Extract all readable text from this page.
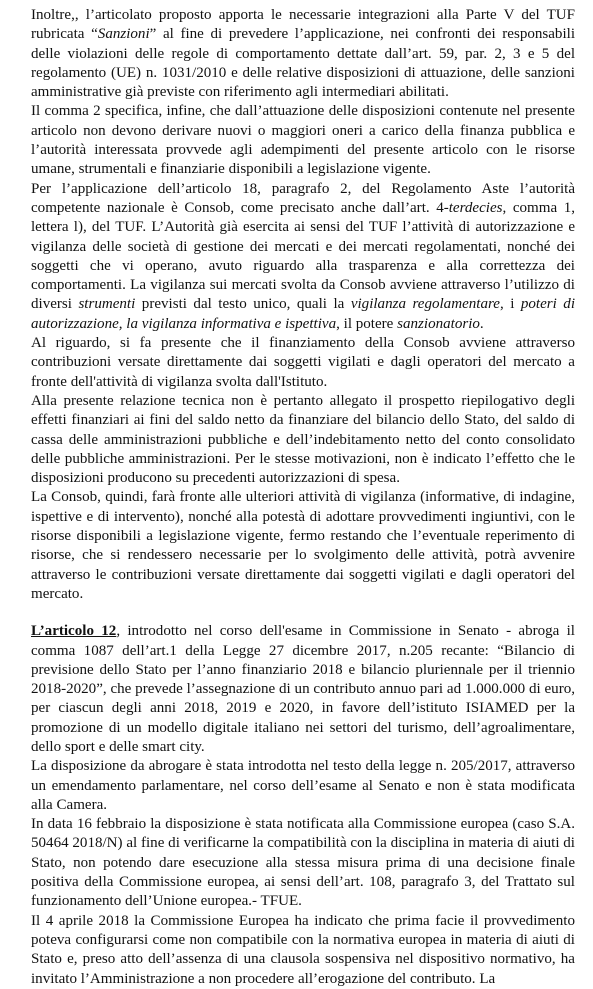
Inoltre,, l’articolato proposto apporta le necessarie integrazioni alla Parte V del TUF rubricata “Sanzioni” al fine di prevedere l’applicazione, nei confronti dei responsabili delle violazioni delle regole di comportamento dettate dall’art. 59, par. 2, 3 e 5 del regolamento (UE) n. 1031/2010 e delle relative disposizioni di attuazione, delle sanzioni amministrative già previste con riferimento agli intermediari abilitati.

Il comma 2 specifica, infine, che dall’attuazione delle disposizioni contenute nel presente articolo non devono derivare nuovi o maggiori oneri a carico della finanza pubblica e l’autorità interessata provvede agli adempimenti del presente articolo con le risorse umane, strumentali e finanziarie disponibili a legislazione vigente.

Per l’applicazione dell’articolo 18, paragrafo 2, del Regolamento Aste l’autorità competente nazionale è Consob, come precisato anche dall’art. 4-terdecies, comma 1, lettera l), del TUF. L’Autorità già esercita ai sensi del TUF l’attività di autorizzazione e vigilanza delle società di gestione dei mercati e dei mercati regolamentati, nonché dei soggetti che vi operano, avuto riguardo alla trasparenza e alla correttezza dei comportamenti. La vigilanza sui mercati svolta da Consob avviene attraverso l’utilizzo di diversi strumenti previsti dal testo unico, quali la vigilanza regolamentare, i poteri di autorizzazione, la vigilanza informativa e ispettiva, il potere sanzionatorio.

Al riguardo, si fa presente che il finanziamento della Consob avviene attraverso contribuzioni versate direttamente dai soggetti vigilati e dagli operatori del mercato a fronte dell'attività di vigilanza svolta dall'Istituto.

Alla presente relazione tecnica non è pertanto allegato il prospetto riepilogativo degli effetti finanziari ai fini del saldo netto da finanziare del bilancio dello Stato, del saldo di cassa delle amministrazioni pubbliche e dell’indebitamento netto del conto consolidato delle pubbliche amministrazioni. Per le stesse motivazioni, non è indicato l’effetto che le disposizioni producono su precedenti autorizzazioni di spesa.

La Consob, quindi, farà fronte alle ulteriori attività di vigilanza (informative, di indagine, ispettive e di intervento), nonché alla potestà di adottare provvedimenti ingiuntivi, con le risorse disponibili a legislazione vigente, fermo restando che l’eventuale reperimento di risorse, che si rendessero necessarie per lo svolgimento delle attività, potrà avvenire attraverso le contribuzioni versate direttamente dai soggetti vigilati e dagli operatori del mercato.

L’articolo 12, introdotto nel corso dell'esame in Commissione in Senato - abroga il comma 1087 dell’art.1 della Legge 27 dicembre 2017, n.205 recante: “Bilancio di previsione dello Stato per l’anno finanziario 2018 e bilancio pluriennale per il triennio 2018-2020”, che prevede l’assegnazione di un contributo annuo pari ad 1.000.000 di euro, per ciascun degli anni 2018, 2019 e 2020, in favore dell’istituto ISIAMED per la promozione di un modello digitale italiano nei settori del turismo, dell’agroalimentare, dello sport e delle smart city.

La disposizione da abrogare è stata introdotta nel testo della legge n. 205/2017, attraverso un emendamento parlamentare, nel corso dell’esame al Senato e non è stata modificata alla Camera.

In data 16 febbraio la disposizione è stata notificata alla Commissione europea (caso S.A. 50464 2018/N) al fine di verificarne la compatibilità con la disciplina in materia di aiuti di Stato, non potendo dare esecuzione alla stessa misura prima di una decisione finale positiva della Commissione europea, ai sensi dell’art. 108, paragrafo 3, del Trattato sul funzionamento dell’Unione europea.- TFUE.

Il 4 aprile 2018 la Commissione Europea ha indicato che prima facie il provvedimento poteva configurarsi come non compatibile con la normativa europea in materia di aiuti di Stato e, preso atto dell’assenza di una clausola sospensiva nel dispositivo normativo, ha invitato l’Amministrazione a non procedere all’erogazione del contributo. La
